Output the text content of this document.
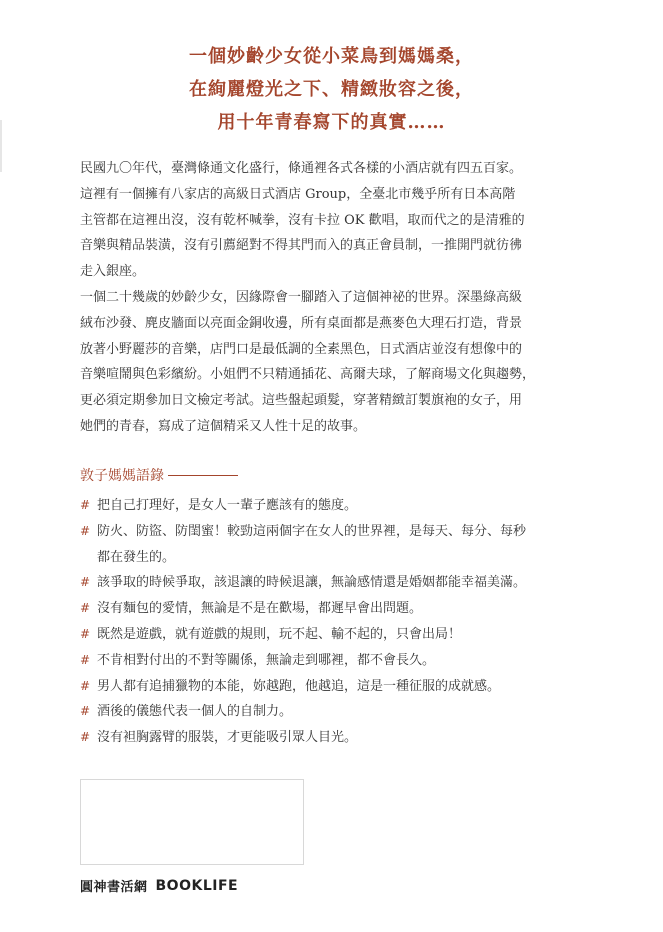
一個妙齡少女從小菜鳥到媽媽桑，
在絢麗燈光之下、精緻妝容之後，
用十年青春寫下的真實……
民國九〇年代，臺灣條通文化盛行，條通裡各式各樣的小酒店就有四五百家。
這裡有一個擁有八家店的高級日式酒店 Group，全臺北市幾乎所有日本高階
主管都在這裡出沒，沒有乾杯喊拳，沒有卡拉 OK 歡唱，取而代之的是清雅的
音樂與精品裝潢，沒有引薦絕對不得其門而入的真正會員制，一推開門就彷彿
走入銀座。
一個二十幾歲的妙齡少女，因緣際會一腳踏入了這個神祕的世界。深墨綠高級
絨布沙發、麂皮牆面以亮面金銅收邊，所有桌面都是燕麥色大理石打造，背景
放著小野麗莎的音樂，店門口是最低調的全素黑色，日式酒店並沒有想像中的
音樂喧鬧與色彩繽紛。小姐們不只精通插花、高爾夫球，了解商場文化與趨勢，
更必須定期參加日文檢定考試。這些盤起頭髮，穿著精緻訂製旗袍的女子，用
她們的青春，寫成了這個精采又人性十足的故事。
敦子媽媽語錄
# 把自己打理好，是女人一輩子應該有的態度。
# 防火、防盜、防閨蜜！較勁這兩個字在女人的世界裡，是每天、每分、每秒
都在發生的。
# 該爭取的時候爭取，該退讓的時候退讓，無論感情還是婚姻都能幸福美滿。
# 沒有麵包的愛情，無論是不是在歡場，都遲早會出問題。
# 既然是遊戲，就有遊戲的規則，玩不起、輸不起的，只會出局！
# 不肯相對付出的不對等關係，無論走到哪裡，都不會長久。
# 男人都有追捕獵物的本能，妳越跑，他越追，這是一種征服的成就感。
# 酒後的儀態代表一個人的自制力。
# 沒有袒胸露臂的服裝，才更能吸引眾人目光。
圓神書活網 BOOKLIFE
